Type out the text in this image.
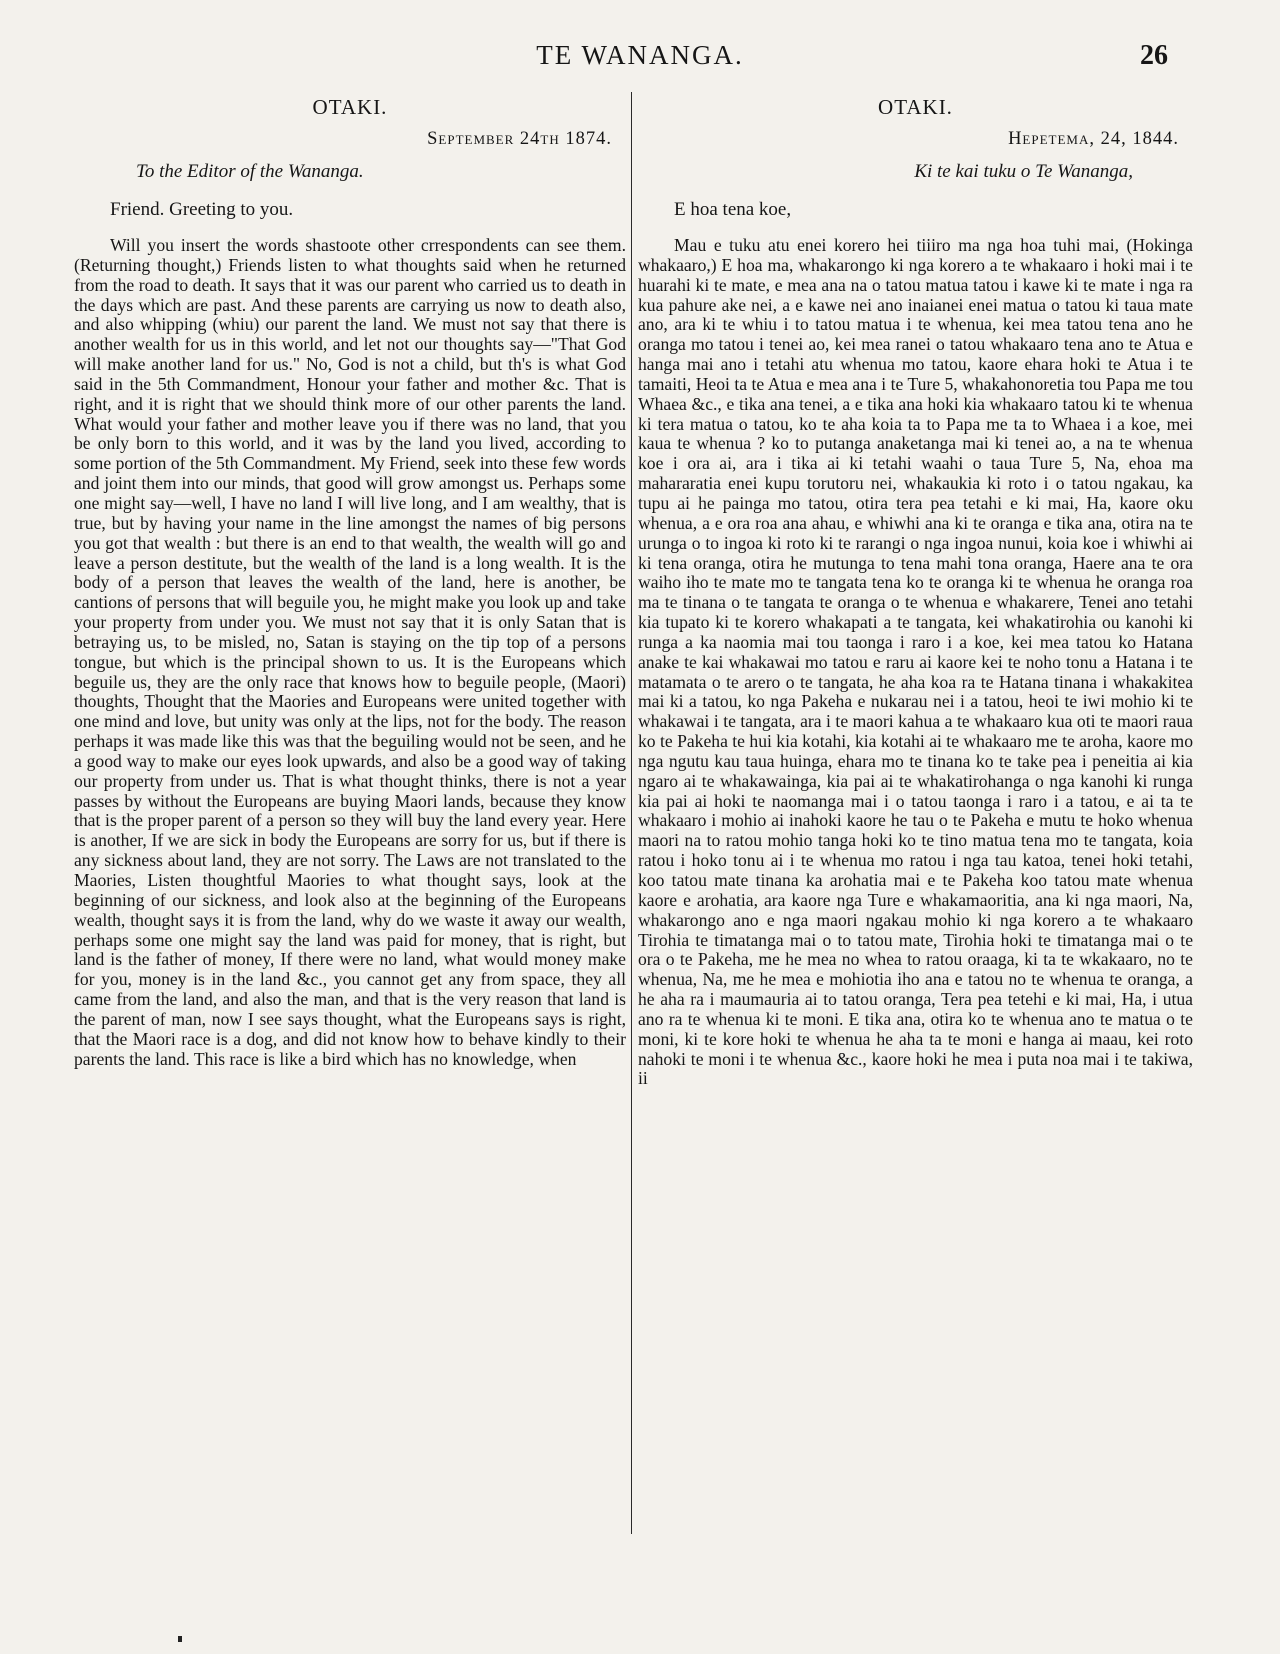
TE WANANGA.	26
OTAKI.
September 24th 1874.
To the Editor of the Wananga.
Friend. Greeting to you.

Will you insert the words shastoote other crrespondents can see them. (Returning thought,) Friends listen to what thoughts said when he returned from the road to death. It says that it was our parent who carried us to death in the days which are past. And these parents are carrying us now to death also, and also whipping (whiu) our parent the land. We must not say that there is another wealth for us in this world, and let not our thoughts say—"That God will make another land for us." No, God is not a child, but th's is what God said in the 5th Commandment, Honour your father and mother &c. That is right, and it is right that we should think more of our other parents the land. What would your father and mother leave you if there was no land, that you be only born to this world, and it was by the land you lived, according to some portion of the 5th Commandment. My Friend, seek into these few words and joint them into our minds, that good will grow amongst us. Perhaps some one might say—well, I have no land I will live long, and I am wealthy, that is true, but by having your name in the line amongst the names of big persons you got that wealth : but there is an end to that wealth, the wealth will go and leave a person destitute, but the wealth of the land is a long wealth. It is the body of a person that leaves the wealth of the land, here is another, be cantions of persons that will beguile you, he might make you look up and take your property from under you. We must not say that it is only Satan that is betraying us, to be misled, no, Satan is staying on the tip top of a persons tongue, but which is the principal shown to us. It is the Europeans which beguile us, they are the only race that knows how to beguile people, (Maori) thoughts, Thought that the Maories and Europeans were united together with one mind and love, but unity was only at the lips, not for the body. The reason perhaps it was made like this was that the beguiling would not be seen, and he a good way to make our eyes look upwards, and also be a good way of taking our property from under us. That is what thought thinks, there is not a year passes by without the Europeans are buying Maori lands, because they know that is the proper parent of a person so they will buy the land every year. Here is another, If we are sick in body the Europeans are sorry for us, but if there is any sickness about land, they are not sorry. The Laws are not translated to the Maories, Listen thoughtful Maories to what thought says, look at the beginning of our sickness, and look also at the beginning of the Europeans wealth, thought says it is from the land, why do we waste it away our wealth, perhaps some one might say the land was paid for money, that is right, but land is the father of money, If there were no land, what would money make for you, money is in the land &c., you cannot get any from space, they all came from the land, and also the man, and that is the very reason that land is the parent of man, now I see says thought, what the Europeans says is right, that the Maori race is a dog, and did not know how to behave kindly to their parents the land. This race is like a bird which has no knowledge, when

OTAKI.
Hepetema, 24, 1844.
Ki te kai tuku o Te Wananga,
E hoa tena koe,

Mau e tuku atu enei korero hei tiiiro ma nga hoa tuhi mai, (Hokinga whakaaro,) E hoa ma, whakarongo ki nga korero a te whakaaro i hoki mai i te huarahi ki te mate, e mea ana na o tatou matua tatou i kawe ki te mate i nga ra kua pahure ake nei, a e kawe nei ano inaianei enei matua o tatou ki taua mate ano, ara ki te whiu i to tatou matua i te whenua, kei mea tatou tena ano he oranga mo tatou i tenei ao, kei mea ranei o tatou whakaaro tena ano te Atua e hanga mai ano i tetahi atu whenua mo tatou, kaore ehara hoki te Atua i te tamaiti, Heoi ta te Atua e mea ana i te Ture 5, whakahonoretia tou Papa me tou Whaea &c., e tika ana tenei, a e tika ana hoki kia whakaaro tatou ki te whenua ki tera matua o tatou, ko te aha koia ta to Papa me ta to Whaea i a koe, mei kaua te whenua ? ko to putanga anaketanga mai ki tenei ao, a na te whenua koe i ora ai, ara i tika ai ki tetahi waahi o taua Ture 5, Na, ehoa ma mahararatia enei kupu torutoru nei, whakaukia ki roto i o tatou ngakau, ka tupu ai he painga mo tatou, otira tera pea tetahi e ki mai, Ha, kaore oku whenua, a e ora roa ana ahau, e whiwhi ana ki te oranga e tika ana, otira na te urunga o to ingoa ki roto ki te rarangi o nga ingoa nunui, koia koe i whiwhi ai ki tena oranga, otira he mutunga to tena mahi tona oranga, Haere ana te ora waiho iho te mate mo te tangata tena ko te oranga ki te whenua he oranga roa ma te tinana o te tangata te oranga o te whenua e whakarere, Tenei ano tetahi kia tupato ki te korero whakapati a te tangata, kei whakatirohia ou kanohi ki runga a ka naomia mai tou taonga i raro i a koe, kei mea tatou ko Hatana anake te kai whakawai mo tatou e raru ai kaore kei te noho tonu a Hatana i te matamata o te arero o te tangata, he aha koa ra te Hatana tinana i whakakitea mai ki a tatou, ko nga Pakeha e nukarau nei i a tatou, heoi te iwi mohio ki te whakawai i te tangata, ara i te maori kahua a te whakaaro kua oti te maori raua ko te Pakeha te hui kia kotahi, kia kotahi ai te whakaaro me te aroha, kaore mo nga ngutu kau taua huinga, ehara mo te tinana ko te take pea i peneitia ai kia ngaro ai te whakawainga, kia pai ai te whakatirohanga o nga kanohi ki runga kia pai ai hoki te naomanga mai i o tatou taonga i raro i a tatou, e ai ta te whakaaro i mohio ai inahoki kaore he tau o te Pakeha e mutu te hoko whenua maori na to ratou mohio tanga hoki ko te tino matua tena mo te tangata, koia ratou i hoko tonu ai i te whenua mo ratou i nga tau katoa, tenei hoki tetahi, koo tatou mate tinana ka arohatia mai e te Pakeha koo tatou mate whenua kaore e arohatia, ara kaore nga Ture e whakamaoritia, ana ki nga maori, Na, whakarongo ano e nga maori ngakau mohio ki nga korero a te whakaaro Tirohia te timatanga mai o to tatou mate, Tirohia hoki te timatanga mai o te ora o te Pakeha, me he mea no whea to ratou oraaga, ki ta te wkakaaro, no te whenua, Na, me he mea e mohiotia iho ana e tatou no te whenua te oranga, a he aha ra i maumauria ai to tatou oranga, Tera pea tetehi e ki mai, Ha, i utua ano ra te whenua ki te moni. E tika ana, otira ko te whenua ano te matua o te moni, ki te kore hoki te whenua he aha ta te moni e hanga ai maau, kei roto nahoki te moni i te whenua &c., kaore hoki he mea i puta noa mai i te takiwa, ii
